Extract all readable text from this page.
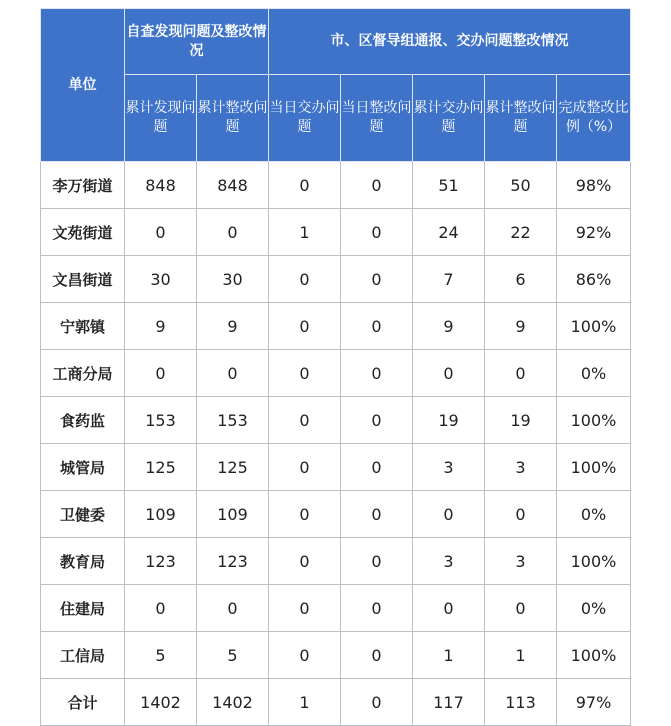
单位	自查发现问题及整改情况		市、区督导组通报、交办问题整改情况				
	累计发现问题	累计整改问题	当日交办问题	当日整改问题	累计交办问题	累计整改问题	完成整改比例（%）
李万街道	848	848	0	0	51	50	98%
文苑街道	0	0	1	0	24	22	92%
文昌街道	30	30	0	0	7	6	86%
宁郭镇	9	9	0	0	9	9	100%
工商分局	0	0	0	0	0	0	0%
食药监	153	153	0	0	19	19	100%
城管局	125	125	0	0	3	3	100%
卫健委	109	109	0	0	0	0	0%
教育局	123	123	0	0	3	3	100%
住建局	0	0	0	0	0	0	0%
工信局	5	5	0	0	1	1	100%
合计	1402	1402	1	0	117	113	97%
